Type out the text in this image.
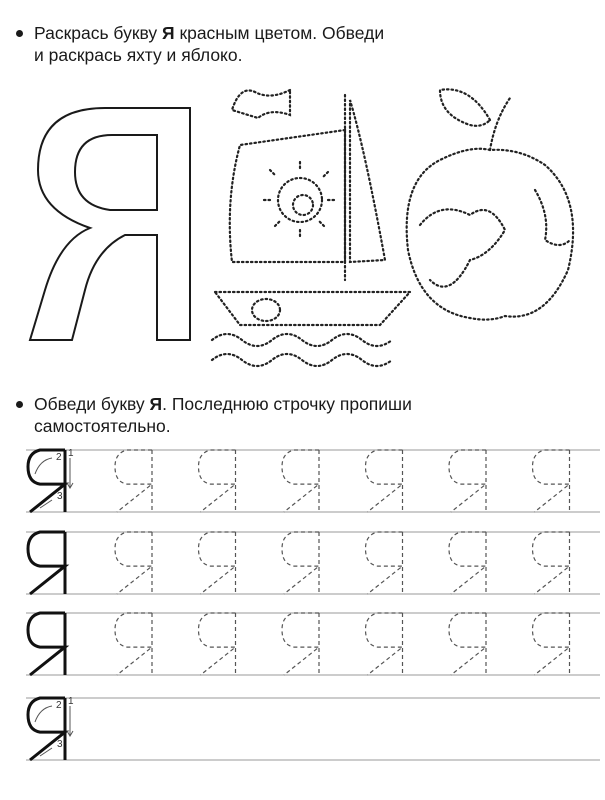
Раскрась букву Я красным цветом. Обведи
и раскрась яхту и яблоко.
Обведи букву Я. Последнюю строчку пропиши
самостоятельно.
2 1
3
2 1
3
